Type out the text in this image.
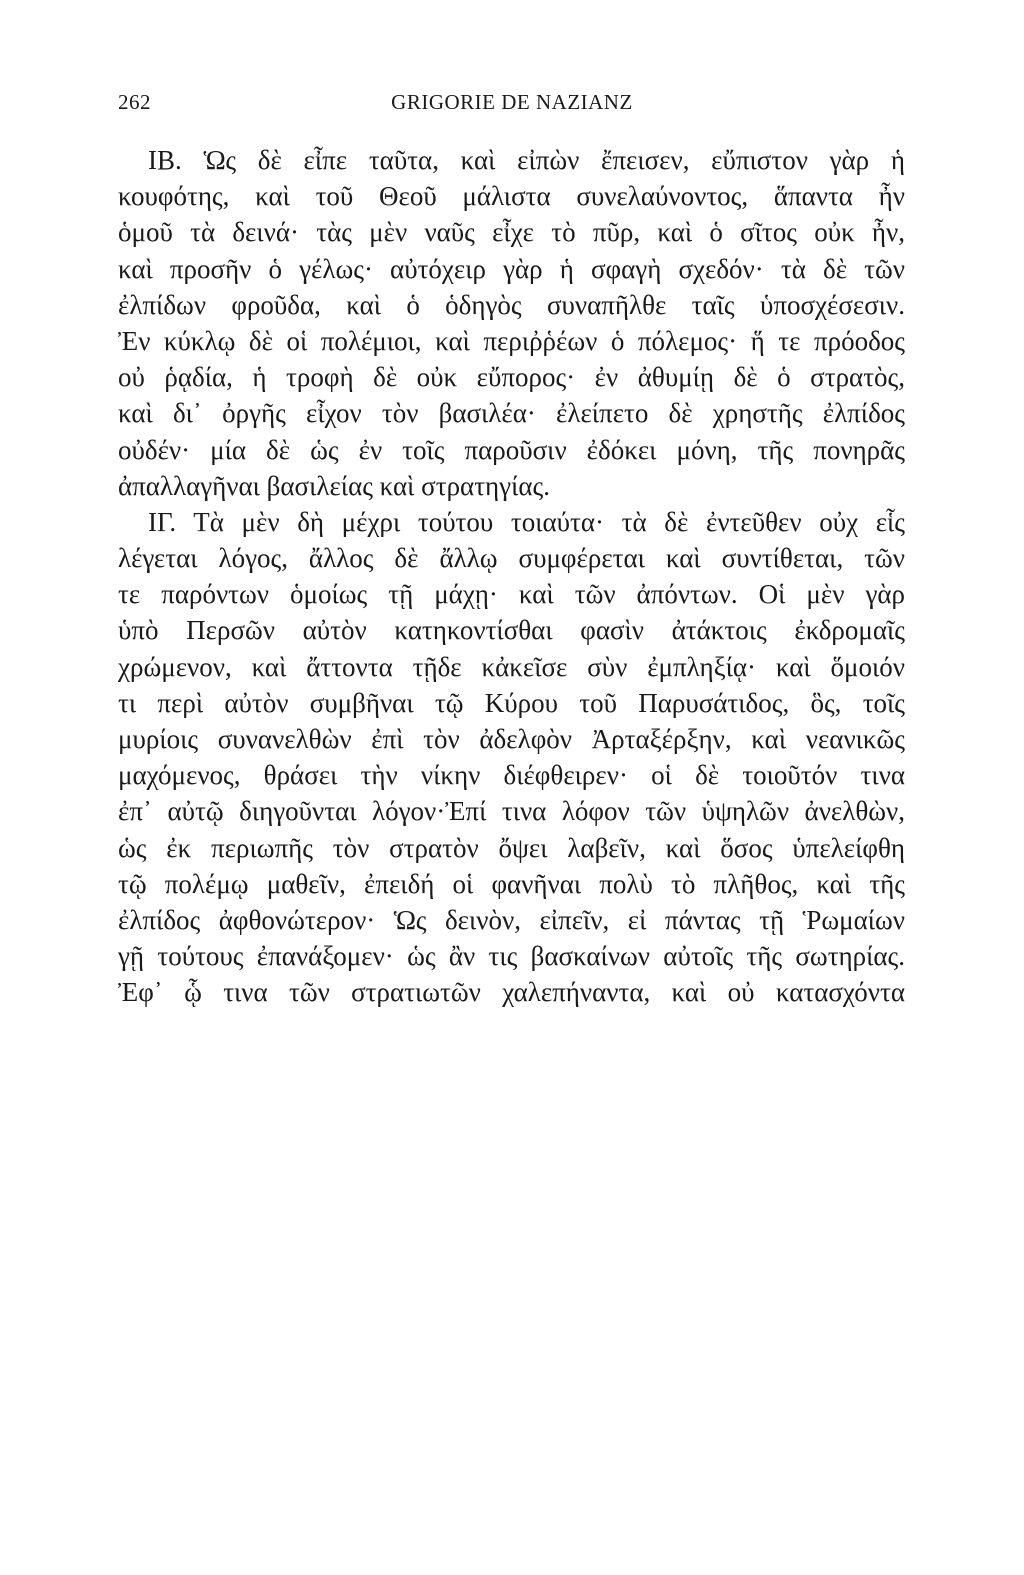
262	GRIGORIE DE NAZIANZ
ΙΒ. Ὡς δὲ εἶπε ταῦτα, καὶ εἰπὼν ἔπεισεν, εὔπιστον γὰρ ἡ
κουφότης, καὶ τοῦ Θεοῦ μάλιστα συνελαύνοντος, ἅπαντα ἦν
ὁμοῦ τὰ δεινά· τὰς μὲν ναῦς εἶχε τὸ πῦρ, καὶ ὁ σῖτος οὐκ ἦν,
καὶ προσῆν ὁ γέλως· αὐτόχειρ γὰρ ἡ σφαγὴ σχεδόν· τὰ δὲ τῶν
ἐλπίδων φροῦδα, καὶ ὁ ὁδηγὸς συναπῆλθε ταῖς ὑποσχέσεσιν.
Ἐν κύκλῳ δὲ οἱ πολέμιοι, καὶ περιῤῥέων ὁ πόλεμος· ἥ τε πρόοδος
οὐ ῥᾳδία, ἡ τροφὴ δὲ οὐκ εὔπορος· ἐν ἀθυμίῃ δὲ ὁ στρατὸς,
καὶ δι᾽ ὀργῆς εἶχον τὸν βασιλέα· ἐλείπετο δὲ χρηστῆς ἐλπίδος
οὐδέν· μία δὲ ὡς ἐν τοῖς παροῦσιν ἐδόκει μόνη, τῆς πονηρᾶς
ἀπαλλαγῆναι βασιλείας καὶ στρατηγίας.
ΙΓ. Τὰ μὲν δὴ μέχρι τούτου τοιαύτα· τὰ δὲ ἐντεῦθεν οὐχ εἷς
λέγεται λόγος, ἄλλος δὲ ἄλλῳ συμφέρεται καὶ συντίθεται, τῶν
τε παρόντων ὁμοίως τῇ μάχῃ· καὶ τῶν ἀπόντων. Οἱ μὲν γὰρ
ὑπὸ Περσῶν αὐτὸν κατηκοντίσθαι φασὶν ἀτάκτοις ἐκδρομαῖς
χρώμενον, καὶ ἄττοντα τῇδε κἀκεῖσε σὺν ἐμπληξίᾳ· καὶ ὅμοιόν
τι περὶ αὐτὸν συμβῆναι τῷ Κύρου τοῦ Παρυσάτιδος, ὃς, τοῖς
μυρίοις συνανελθὼν ἐπὶ τὸν ἀδελφὸν Ἀρταξέρξην, καὶ νεανικῶς
μαχόμενος, θράσει τὴν νίκην διέφθειρεν· οἱ δὲ τοιοῦτόν τινα
ἐπ᾽ αὐτῷ διηγοῦνται λόγον·Ἐπί τινα λόφον τῶν ὑψηλῶν ἀνελθὼν,
ὡς ἐκ περιωπῆς τὸν στρατὸν ὄψει λαβεῖν, καὶ ὅσος ὑπελείφθη
τῷ πολέμῳ μαθεῖν, ἐπειδή οἱ φανῆναι πολὺ τὸ πλῆθος, καὶ τῆς
ἐλπίδος ἀφθονώτερον· Ὡς δεινὸν, εἰπεῖν, εἰ πάντας τῇ Ῥωμαίων
γῇ τούτους ἐπανάξομεν· ὡς ἂν τις βασκαίνων αὐτοῖς τῆς σωτηρίας.
Ἐφ᾽ ᾧ τινα τῶν στρατιωτῶν χαλεπήναντα, καὶ οὐ κατασχόντα
